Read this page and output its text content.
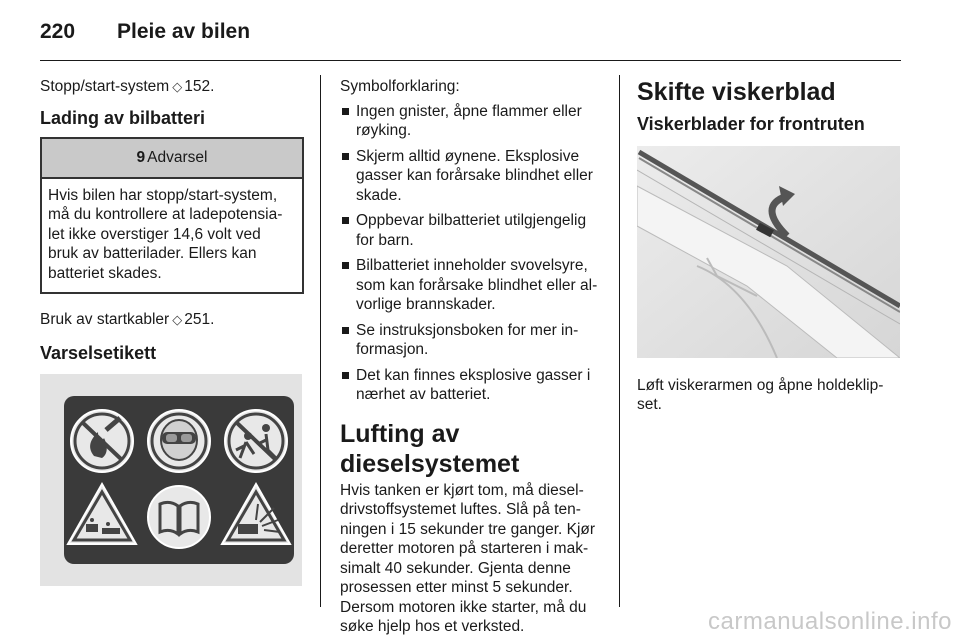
220 Pleie av bilen

Stopp/start-system ◇ 152.

Lading av bilbatteri

9 Advarsel
Hvis bilen har stopp/start-system,
må du kontrollere at ladepotensia-
let ikke overstiger 14,6 volt ved
bruk av batterilader. Ellers kan
batteriet skades.

Bruk av startkabler ◇ 251.

Varselsetikett

Symbolforklaring:

Ingen gnister, åpne flammer eller
røyking.
Skjerm alltid øynene. Eksplosive
gasser kan forårsake blindhet eller
skade.
Oppbevar bilbatteriet utilgjengelig
for barn.
Bilbatteriet inneholder svovelsyre,
som kan forårsake blindhet eller al-
vorlige brannskader.
Se instruksjonsboken for mer in-
formasjon.
Det kan finnes eksplosive gasser i
nærhet av batteriet.

Lufting av dieselsystemet

Hvis tanken er kjørt tom, må diesel-
drivstoffsystemet luftes. Slå på ten-
ningen i 15 sekunder tre ganger. Kjør
deretter motoren på starteren i mak-
simalt 40 sekunder. Gjenta denne
prosessen etter minst 5 sekunder.
Dersom motoren ikke starter, må du
søke hjelp hos et verksted.

Skifte viskerblad

Viskerblader for frontruten

Løft viskerarmen og åpne holdeklip-
set.
carmanualsonline.info
